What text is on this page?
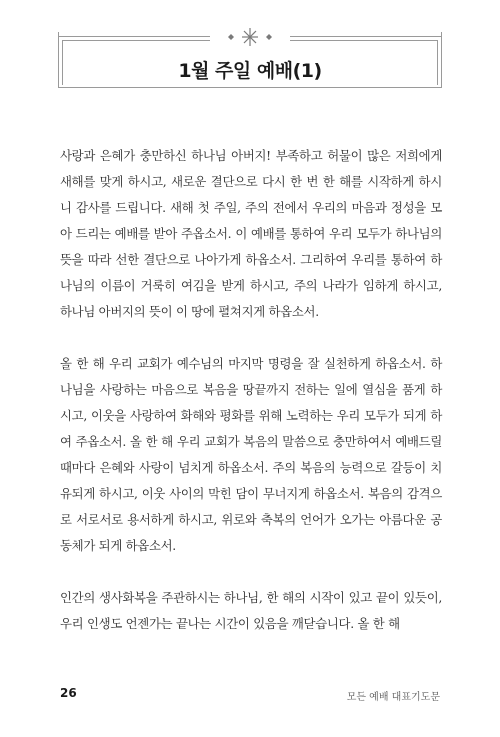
1월 주일 예배(1)

사랑과 은혜가 충만하신 하나님 아버지! 부족하고 허물이 많은 저희에게 새해를 맞게 하시고, 새로운 결단으로 다시 한 번 한 해를 시작하게 하시니 감사를 드립니다. 새해 첫 주일, 주의 전에서 우리의 마음과 정성을 모아 드리는 예배를 받아 주옵소서. 이 예배를 통하여 우리 모두가 하나님의 뜻을 따라 선한 결단으로 나아가게 하옵소서. 그리하여 우리를 통하여 하나님의 이름이 거룩히 여김을 받게 하시고, 주의 나라가 임하게 하시고, 하나님 아버지의 뜻이 이 땅에 펼쳐지게 하옵소서.

올 한 해 우리 교회가 예수님의 마지막 명령을 잘 실천하게 하옵소서. 하나님을 사랑하는 마음으로 복음을 땅끝까지 전하는 일에 열심을 품게 하시고, 이웃을 사랑하여 화해와 평화를 위해 노력하는 우리 모두가 되게 하여 주옵소서. 올 한 해 우리 교회가 복음의 말씀으로 충만하여서 예배드릴 때마다 은혜와 사랑이 넘치게 하옵소서. 주의 복음의 능력으로 갈등이 치유되게 하시고, 이웃 사이의 막힌 담이 무너지게 하옵소서. 복음의 감격으로 서로서로 용서하게 하시고, 위로와 축복의 언어가 오가는 아름다운 공동체가 되게 하옵소서.

인간의 생사화복을 주관하시는 하나님, 한 해의 시작이 있고 끝이 있듯이, 우리 인생도 언젠가는 끝나는 시간이 있음을 깨닫습니다. 올 한 해

26	모든 예배 대표기도문
